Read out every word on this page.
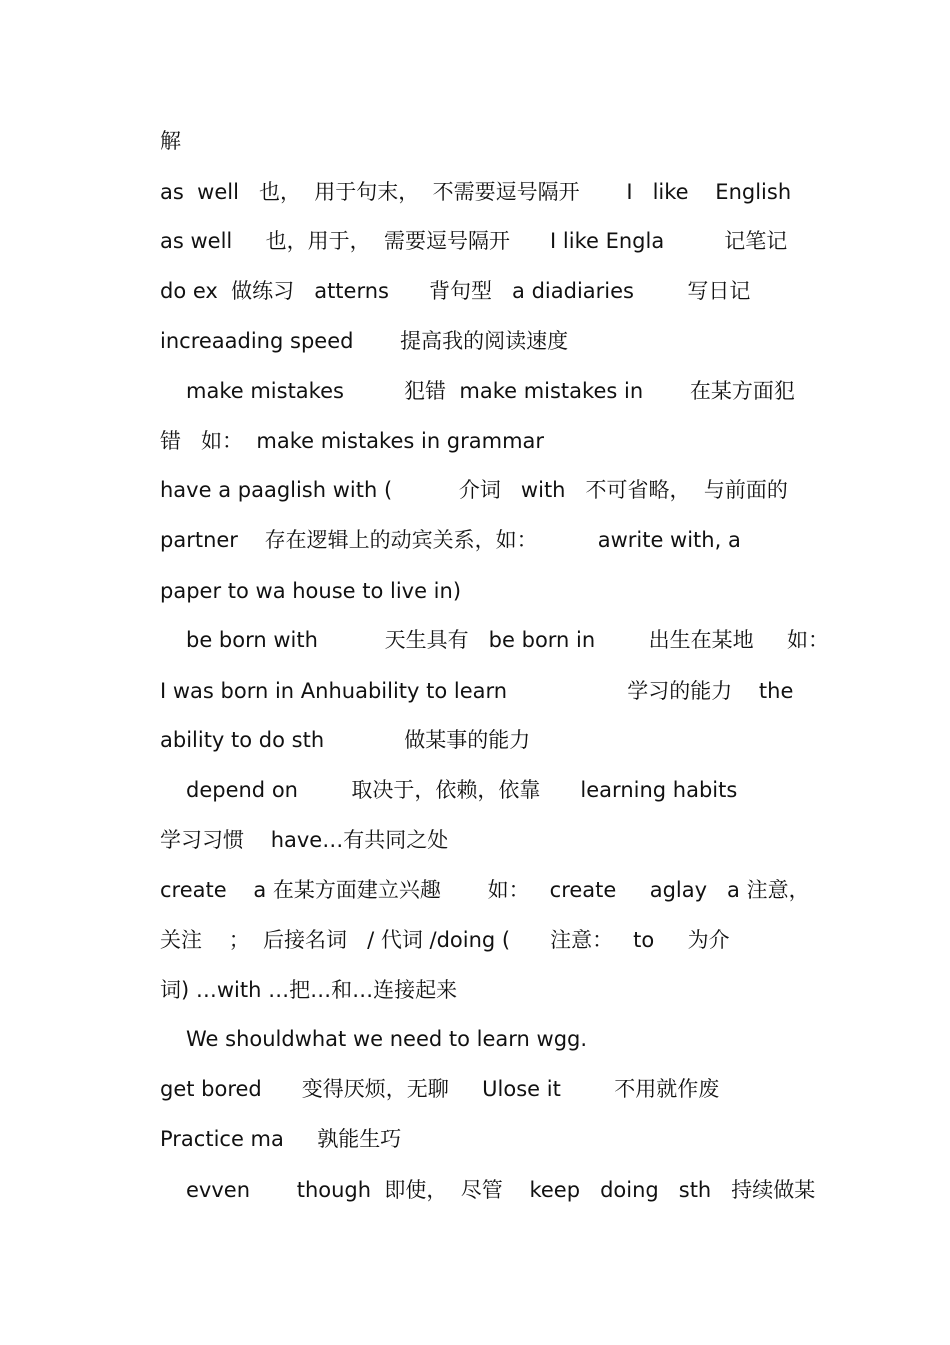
解
as  well   也，  用于句末，  不需要逗号隔开       I   like    English
as well     也，用于，  需要逗号隔开      I like Engla         记笔记
do ex  做练习   atterns      背句型   a diadiaries        写日记
increaading speed       提高我的阅读速度
make mistakes         犯错  make mistakes in       在某方面犯
错   如：  make mistakes in grammar
have a paaglish with (          介词   with   不可省略，  与前面的
partner    存在逻辑上的动宾关系，如：         awrite with, a
paper to wa house to live in)
be born with          天生具有   be born in        出生在某地     如：
I was born in Anhuability to learn                  学习的能力    the
ability to do sth            做某事的能力
depend on        取决于，依赖，依靠      learning habits
学习习惯    have…有共同之处
create    a 在某方面建立兴趣       如：   create     aglay   a 注意，
关注    ；  后接名词   / 代词 /doing (      注意：   to     为介
词) …with …把…和…连接起来
We shouldwhat we need to learn wgg.
get bored      变得厌烦，无聊     Ulose it        不用就作废
Practice ma     孰能生巧
evven       though  即使，  尽管    keep   doing   sth   持续做某
